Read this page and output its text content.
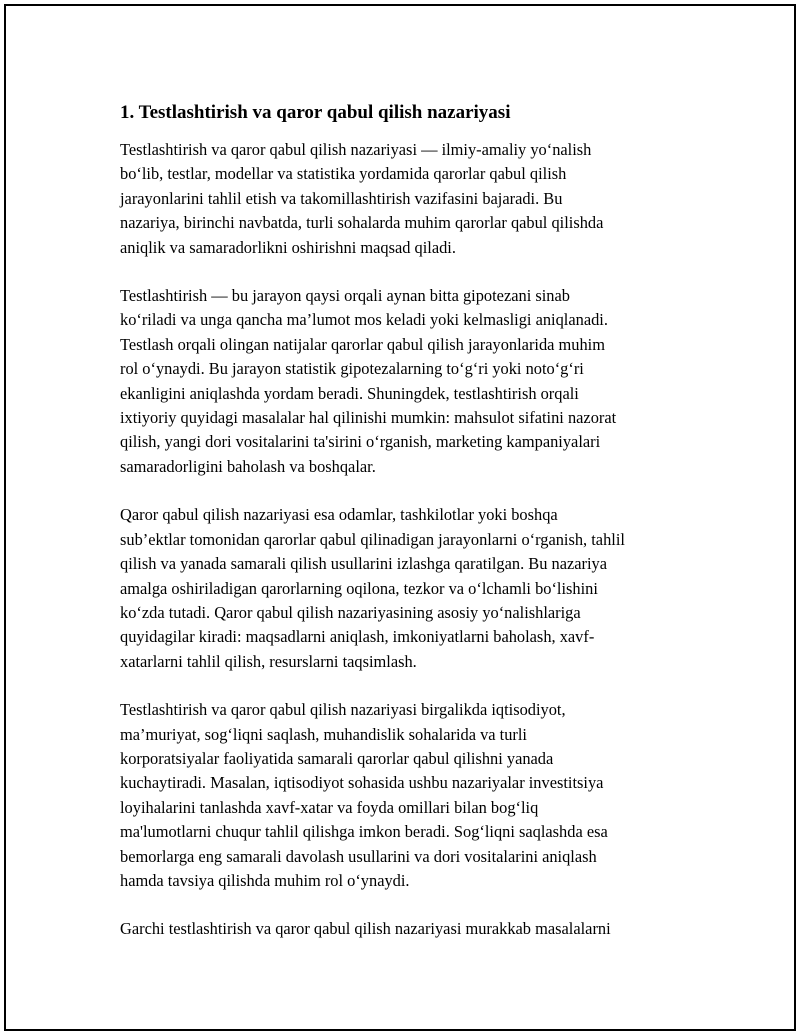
1. Testlashtirish va qaror qabul qilish nazariyasi

Testlashtirish va qaror qabul qilish nazariyasi — ilmiy-amaliy yo‘nalish
bo‘lib, testlar, modellar va statistika yordamida qarorlar qabul qilish
jarayonlarini tahlil etish va takomillashtirish vazifasini bajaradi. Bu
nazariya, birinchi navbatda, turli sohalarda muhim qarorlar qabul qilishda
aniqlik va samaradorlikni oshirishni maqsad qiladi.

Testlashtirish — bu jarayon qaysi orqali aynan bitta gipotezani sinab
ko‘riladi va unga qancha ma’lumot mos keladi yoki kelmasligi aniqlanadi.
Testlash orqali olingan natijalar qarorlar qabul qilish jarayonlarida muhim
rol o‘ynaydi. Bu jarayon statistik gipotezalarning to‘g‘ri yoki noto‘g‘ri
ekanligini aniqlashda yordam beradi. Shuningdek, testlashtirish orqali
ixtiyoriy quyidagi masalalar hal qilinishi mumkin: mahsulot sifatini nazorat
qilish, yangi dori vositalarini ta'sirini o‘rganish, marketing kampaniyalari
samaradorligini baholash va boshqalar.

Qaror qabul qilish nazariyasi esa odamlar, tashkilotlar yoki boshqa
sub’ektlar tomonidan qarorlar qabul qilinadigan jarayonlarni o‘rganish, tahlil
qilish va yanada samarali qilish usullarini izlashga qaratilgan. Bu nazariya
amalga oshiriladigan qarorlarning oqilona, tezkor va o‘lchamli bo‘lishini
ko‘zda tutadi. Qaror qabul qilish nazariyasining asosiy yo‘nalishlariga
quyidagilar kiradi: maqsadlarni aniqlash, imkoniyatlarni baholash, xavf-
xatarlarni tahlil qilish, resurslarni taqsimlash.

Testlashtirish va qaror qabul qilish nazariyasi birgalikda iqtisodiyot,
ma’muriyat, sog‘liqni saqlash, muhandislik sohalarida va turli
korporatsiyalar faoliyatida samarali qarorlar qabul qilishni yanada
kuchaytiradi. Masalan, iqtisodiyot sohasida ushbu nazariyalar investitsiya
loyihalarini tanlashda xavf-xatar va foyda omillari bilan bog‘liq
ma'lumotlarni chuqur tahlil qilishga imkon beradi. Sog‘liqni saqlashda esa
bemorlarga eng samarali davolash usullarini va dori vositalarini aniqlash
hamda tavsiya qilishda muhim rol o‘ynaydi.

Garchi testlashtirish va qaror qabul qilish nazariyasi murakkab masalalarni
